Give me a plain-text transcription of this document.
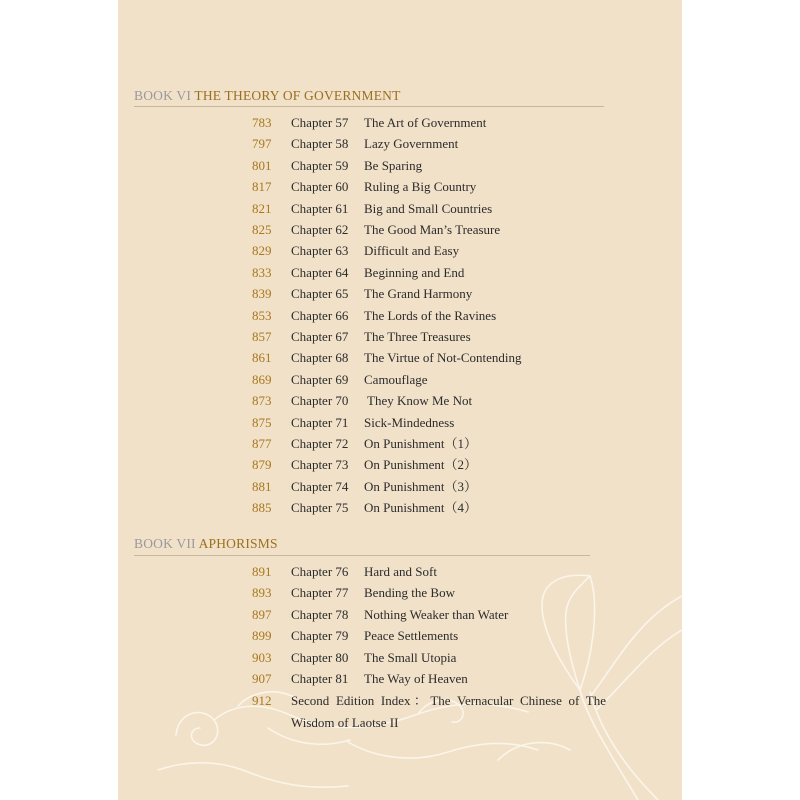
BOOK VI THE THEORY OF GOVERNMENT
783 Chapter 57 The Art of Government
797 Chapter 58 Lazy Government
801 Chapter 59 Be Sparing
817 Chapter 60 Ruling a Big Country
821 Chapter 61 Big and Small Countries
825 Chapter 62 The Good Man’s Treasure
829 Chapter 63 Difficult and Easy
833 Chapter 64 Beginning and End
839 Chapter 65 The Grand Harmony
853 Chapter 66 The Lords of the Ravines
857 Chapter 67 The Three Treasures
861 Chapter 68 The Virtue of Not-Contending
869 Chapter 69 Camouflage
873 Chapter 70 They Know Me Not
875 Chapter 71 Sick-Mindedness
877 Chapter 72 On Punishment（1）
879 Chapter 73 On Punishment（2）
881 Chapter 74 On Punishment（3）
885 Chapter 75 On Punishment（4）
BOOK VII APHORISMS
891 Chapter 76 Hard and Soft
893 Chapter 77 Bending the Bow
897 Chapter 78 Nothing Weaker than Water
899 Chapter 79 Peace Settlements
903 Chapter 80 The Small Utopia
907 Chapter 81 The Way of Heaven
912 Second Edition Index：The Vernacular Chinese of The Wisdom of Laotse II
